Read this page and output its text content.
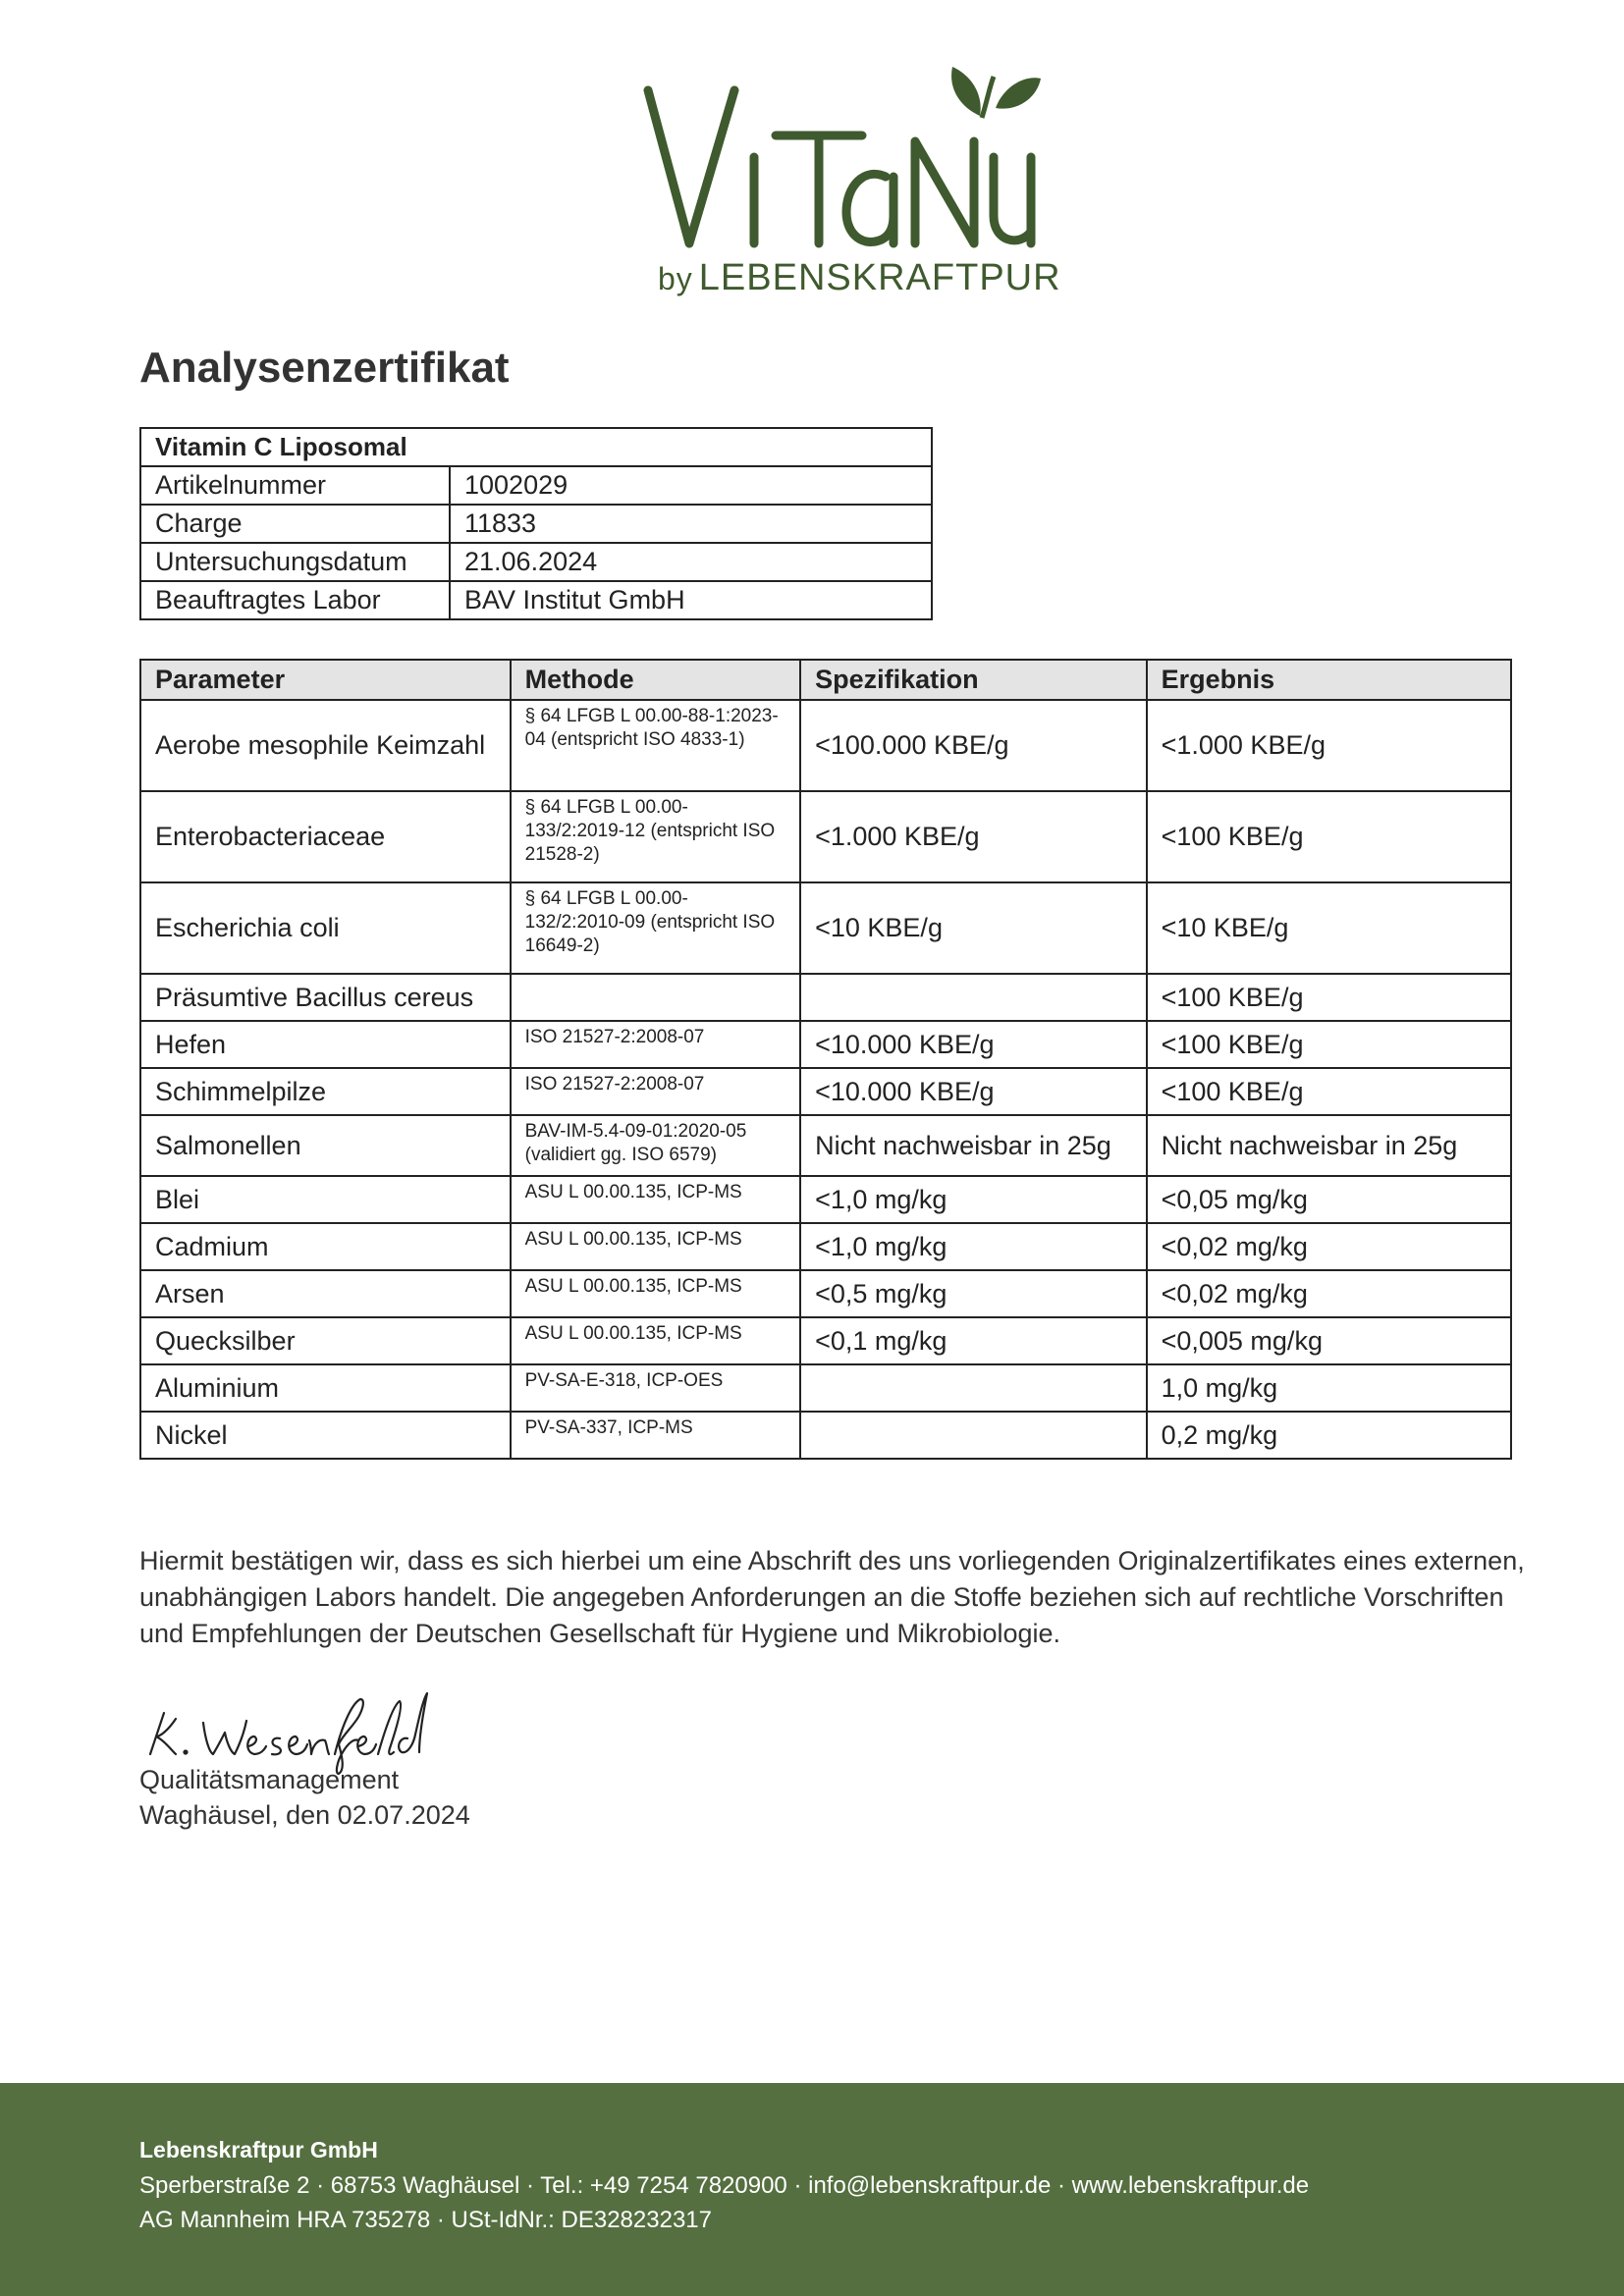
by LEBENSKRAFTPUR
Analysenzertifikat
Vitamin C Liposomal	
Artikelnummer	1002029
Charge	11833
Untersuchungsdatum	21.06.2024
Beauftragtes Labor	BAV Institut GmbH
Parameter	Methode	Spezifikation	Ergebnis
Aerobe mesophile Keimzahl	§ 64 LFGB L 00.00-88-1:2023-04 (entspricht ISO 4833-1)	<100.000 KBE/g	<1.000 KBE/g
Enterobacteriaceae	§ 64 LFGB L 00.00-133/2:2019-12 (entspricht ISO 21528-2)	<1.000 KBE/g	<100 KBE/g
Escherichia coli	§ 64 LFGB L 00.00-132/2:2010-09 (entspricht ISO 16649-2)	<10 KBE/g	<10 KBE/g
Präsumtive Bacillus cereus			<100 KBE/g
Hefen	ISO 21527-2:2008-07	<10.000 KBE/g	<100 KBE/g
Schimmelpilze	ISO 21527-2:2008-07	<10.000 KBE/g	<100 KBE/g
Salmonellen	BAV-IM-5.4-09-01:2020-05 (validiert gg. ISO 6579)	Nicht nachweisbar in 25g	Nicht nachweisbar in 25g
Blei	ASU L 00.00.135, ICP-MS	<1,0 mg/kg	<0,05 mg/kg
Cadmium	ASU L 00.00.135, ICP-MS	<1,0 mg/kg	<0,02 mg/kg
Arsen	ASU L 00.00.135, ICP-MS	<0,5 mg/kg	<0,02 mg/kg
Quecksilber	ASU L 00.00.135, ICP-MS	<0,1 mg/kg	<0,005 mg/kg
Aluminium	PV-SA-E-318, ICP-OES		1,0 mg/kg
Nickel	PV-SA-337, ICP-MS		0,2 mg/kg

Hiermit bestätigen wir, dass es sich hierbei um eine Abschrift des uns vorliegenden Originalzertifikates eines externen, unabhängigen Labors handelt. Die angegeben Anforderungen an die Stoffe beziehen sich auf rechtliche Vorschriften und Empfehlungen der Deutschen Gesellschaft für Hygiene und Mikrobiologie.

Qualitätsmanagement
Waghäusel, den 02.07.2024
Lebenskraftpur GmbH
Sperberstraße 2 · 68753 Waghäusel · Tel.: +49 7254 7820900 · info@lebenskraftpur.de · www.lebenskraftpur.de
AG Mannheim HRA 735278 · USt-IdNr.: DE328232317
